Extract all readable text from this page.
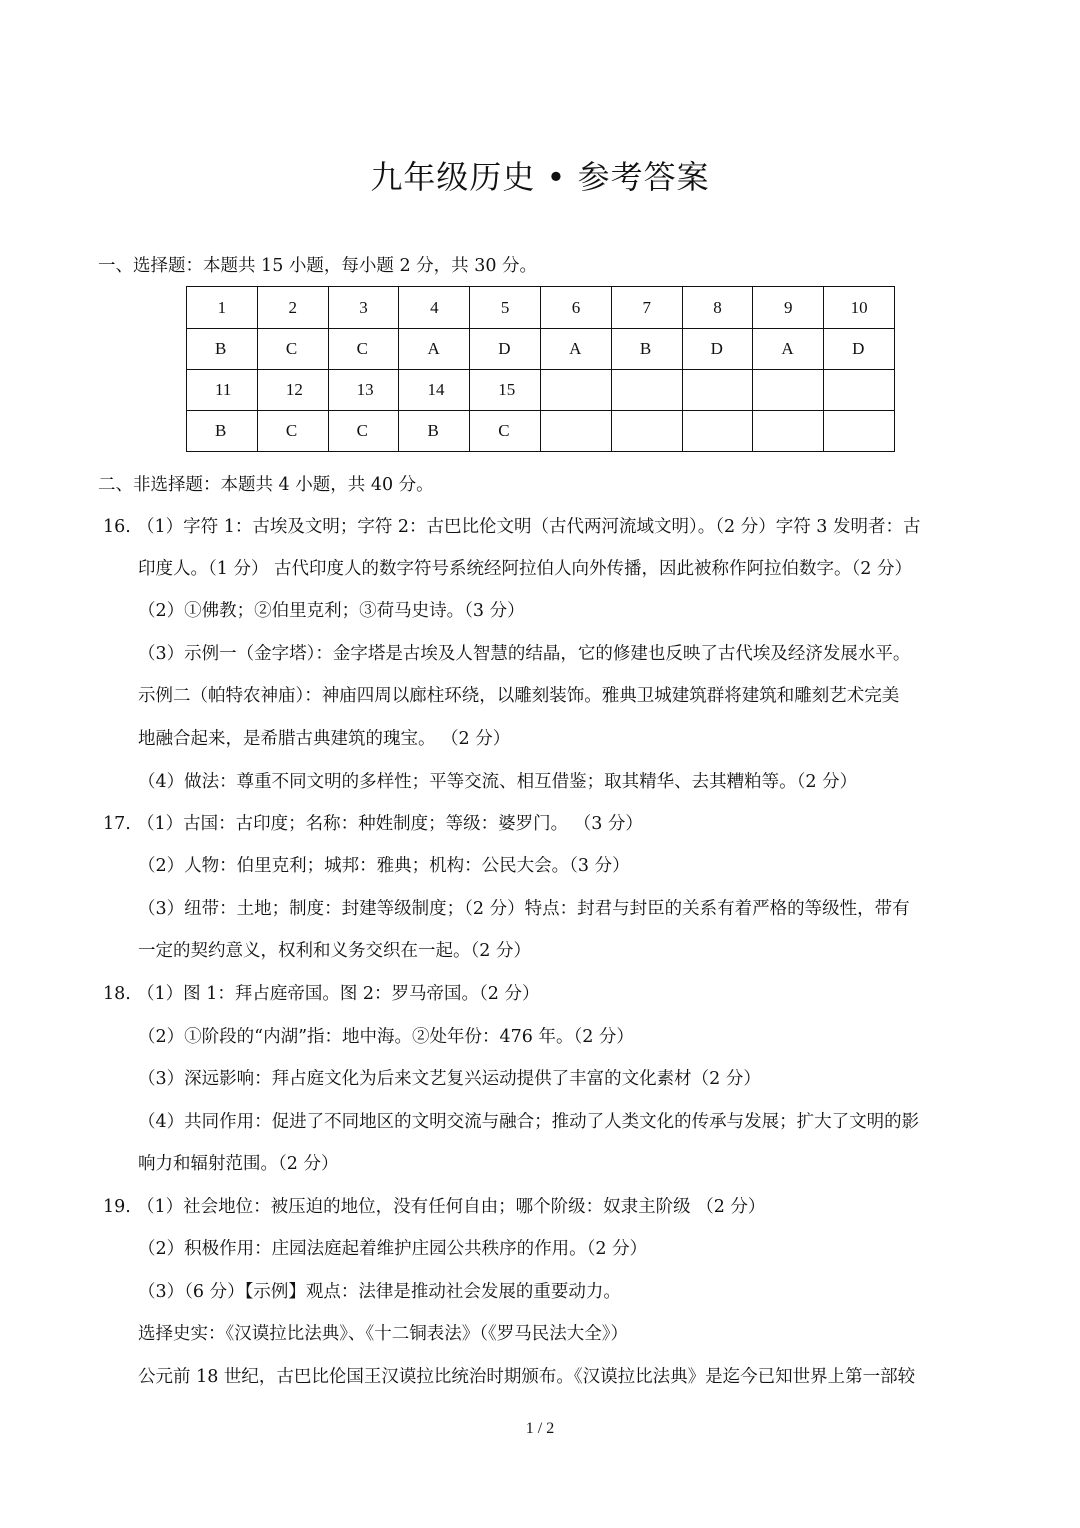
九年级历史 • 参考答案
一、选择题：本题共 15 小题，每小题 2 分，共 30 分。
1	2	3	4	5	6	7	8	9	10
B	C	C	A	D	A	B	D	A	D
11	12	13	14	15					
B	C	C	B	C					
二、非选择题：本题共 4 小题，共 40 分。
16. （1）字符 1：古埃及文明；字符 2：古巴比伦文明（古代两河流域文明）。（2 分）字符 3 发明者：古
印度人。（1 分） 古代印度人的数字符号系统经阿拉伯人向外传播，因此被称作阿拉伯数字。（2 分）
（2）①佛教；②伯里克利；③荷马史诗。（3 分）
（3）示例一（金字塔）：金字塔是古埃及人智慧的结晶，它的修建也反映了古代埃及经济发展水平。
示例二（帕特农神庙）：神庙四周以廊柱环绕，以雕刻装饰。雅典卫城建筑群将建筑和雕刻艺术完美
地融合起来，是希腊古典建筑的瑰宝。 （2 分）
（4）做法：尊重不同文明的多样性；平等交流、相互借鉴；取其精华、去其糟粕等。（2 分）
17. （1）古国：古印度；名称：种姓制度；等级：婆罗门。 （3 分）
（2）人物：伯里克利；城邦：雅典；机构：公民大会。（3 分）
（3）纽带：土地；制度：封建等级制度；（2 分）特点：封君与封臣的关系有着严格的等级性，带有
一定的契约意义，权利和义务交织在一起。（2 分）
18. （1）图 1：拜占庭帝国。图 2：罗马帝国。（2 分）
（2）①阶段的“内湖”指：地中海。②处年份：476 年。（2 分）
（3）深远影响：拜占庭文化为后来文艺复兴运动提供了丰富的文化素材（2 分）
（4）共同作用：促进了不同地区的文明交流与融合；推动了人类文化的传承与发展；扩大了文明的影
响力和辐射范围。（2 分）
19. （1）社会地位：被压迫的地位，没有任何自由；哪个阶级：奴隶主阶级 （2 分）
（2）积极作用：庄园法庭起着维护庄园公共秩序的作用。（2 分）
（3）（6 分）【示例】观点：法律是推动社会发展的重要动力。
选择史实：《汉谟拉比法典》、《十二铜表法》（《罗马民法大全》）
公元前 18 世纪，古巴比伦国王汉谟拉比统治时期颁布。《汉谟拉比法典》是迄今已知世界上第一部较
1 / 2
